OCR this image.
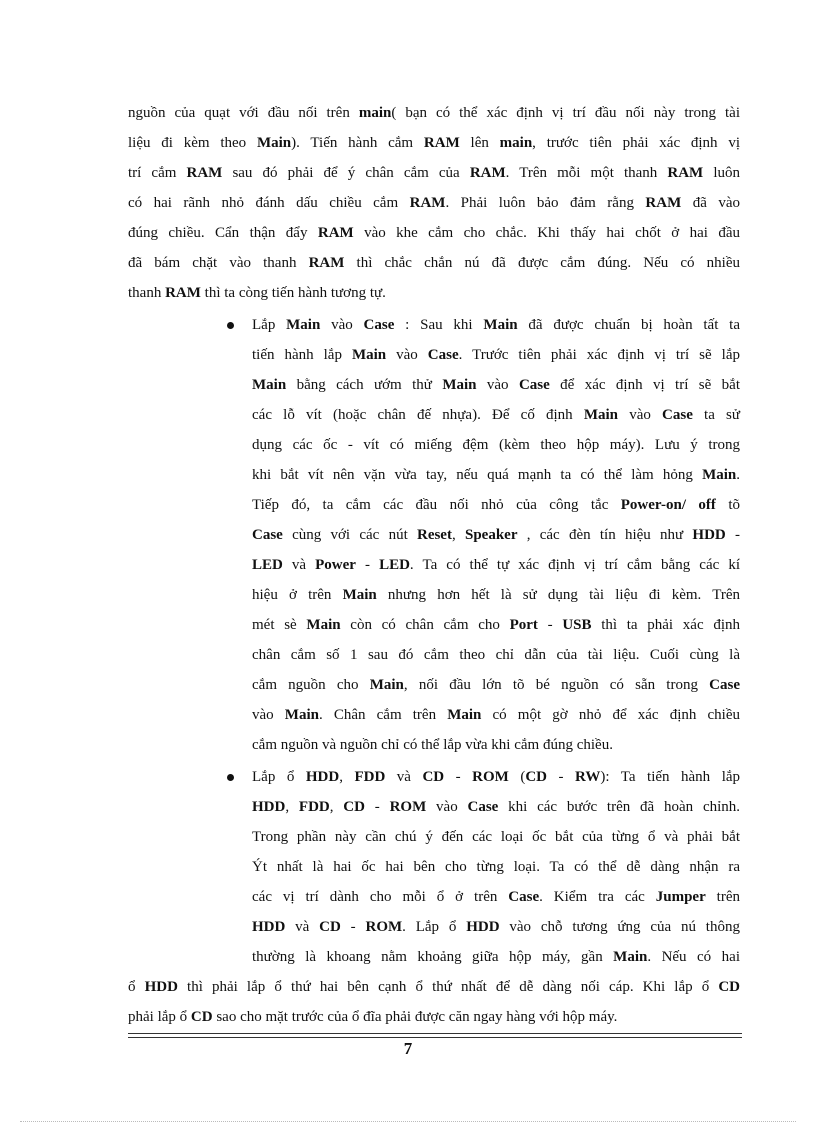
nguồn của quạt với đầu nối trên main( bạn có thể xác định vị trí đầu nối này trong tài
liệu đi kèm theo Main). Tiến hành cắm RAM lên main, trước tiên phải xác định vị
trí cắm RAM sau đó phải để ý chân cắm của RAM. Trên mỗi một thanh RAM luôn
có hai rãnh nhỏ đánh dấu chiều cắm RAM. Phải luôn bảo đảm rằng RAM đã vào
đúng chiều. Cẩn thận đẩy RAM vào khe cắm cho chắc. Khi thấy hai chốt ở hai đầu
đã bám chặt vào thanh RAM thì chắc chắn nú đã được cắm đúng. Nếu có nhiều
thanh RAM thì ta còng tiến hành tương tự.
Lắp Main vào Case : Sau khi Main đã được chuẩn bị hoàn tất ta
tiến hành lắp Main vào Case. Trước tiên phải xác định vị trí sẽ lắp
Main bằng cách ướm thử Main vào Case để xác định vị trí sẽ bắt
các lỗ vít (hoặc chân đế nhựa). Để cố định Main vào Case ta sử
dụng các ốc - vít có miếng đệm (kèm theo hộp máy). Lưu ý trong
khi bắt vít nên vặn vừa tay, nếu quá mạnh ta có thể làm hỏng Main.
Tiếp đó, ta cắm các đầu nối nhỏ của công tắc Power-on/ off tõ
Case cùng với các nút Reset, Speaker , các đèn tín hiệu như HDD -
LED và Power - LED. Ta có thể tự xác định vị trí cắm bằng các kí
hiệu ở trên Main nhưng hơn hết là sử dụng tài liệu đi kèm. Trên
mét sè Main còn có chân cắm cho Port - USB thì ta phải xác định
chân cắm số 1 sau đó cắm theo chỉ dẫn của tài liệu. Cuối cùng là
cắm nguồn cho Main, nối đầu lớn tõ bé nguồn có sẵn trong Case
vào Main. Chân cắm trên Main có một gờ nhỏ để xác định chiều
cắm nguồn và nguồn chỉ có thể lắp vừa khi cắm đúng chiều.
Lắp ổ HDD, FDD và CD - ROM (CD - RW): Ta tiến hành lắp
HDD, FDD, CD - ROM vào Case khi các bước trên đã hoàn chỉnh.
Trong phần này cần chú ý đến các loại ốc bắt của từng ổ và phải bắt
Ýt nhất là hai ốc hai bên cho từng loại. Ta có thể dễ dàng nhận ra
các vị trí dành cho mỗi ổ ở trên Case. Kiểm tra các Jumper trên
HDD và CD - ROM. Lắp ổ HDD vào chỗ tương ứng của nú thông
thường là khoang nằm khoảng giữa hộp máy, gần Main. Nếu có hai
ổ HDD thì phải lắp ổ thứ hai bên cạnh ổ thứ nhất để dễ dàng nối cáp. Khi lắp ổ CD
phải lắp ổ CD sao cho mặt trước của ổ đĩa phải được căn ngay hàng với hộp máy.
7
